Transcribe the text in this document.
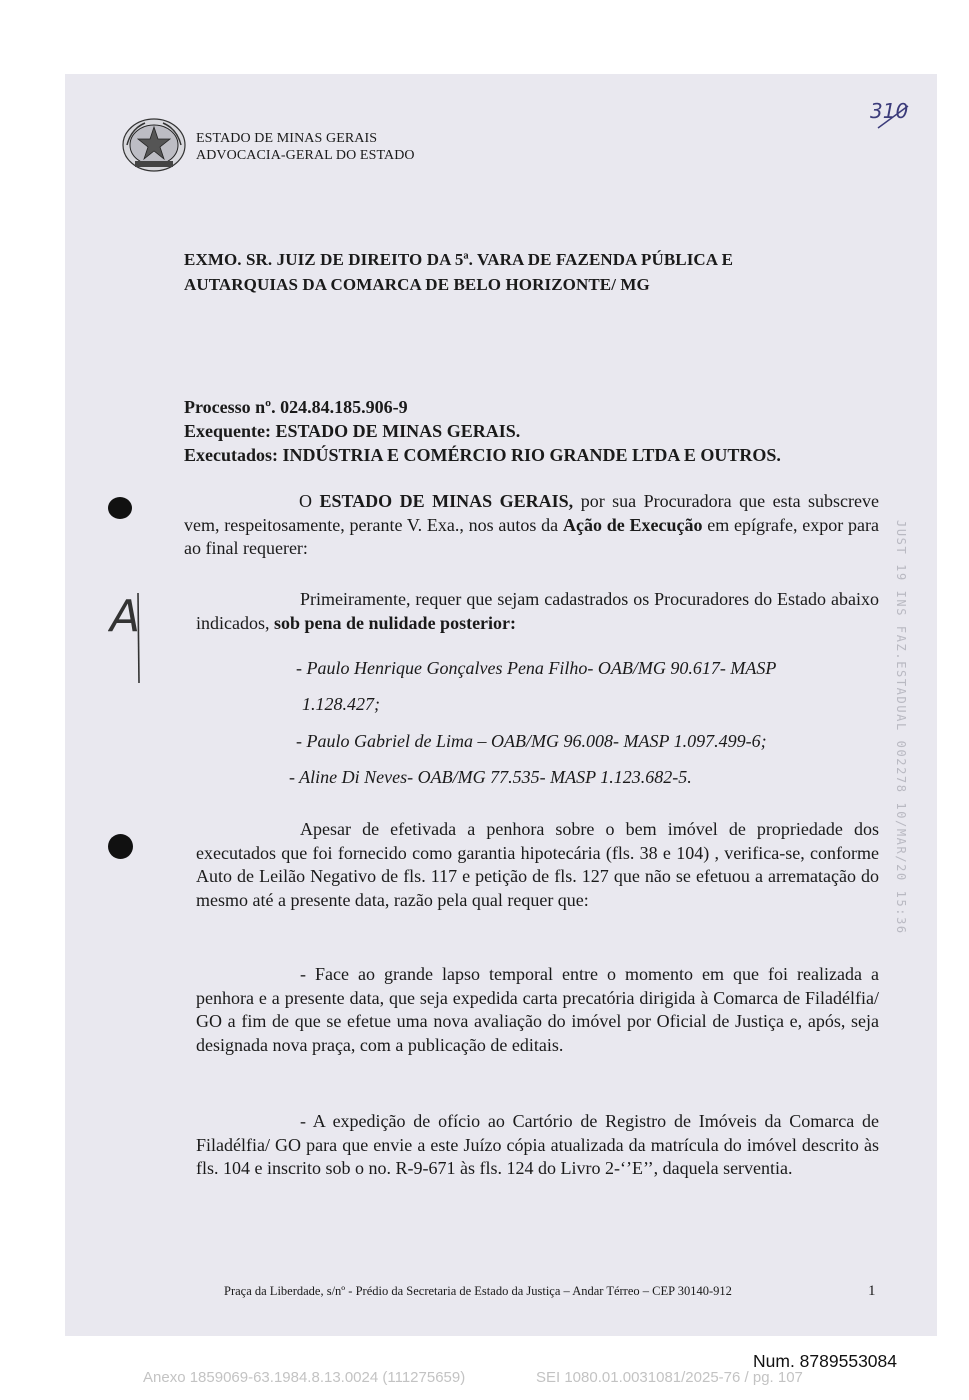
ESTADO DE MINAS GERAIS
ADVOCACIA-GERAL DO ESTADO
310
EXMO. SR. JUIZ DE DIREITO DA 5ª. VARA DE FAZENDA PÚBLICA E
AUTARQUIAS DA COMARCA DE BELO HORIZONTE/ MG
Processo nº. 024.84.185.906-9
Exequente: ESTADO DE MINAS GERAIS.
Executados: INDÚSTRIA E COMÉRCIO RIO GRANDE LTDA E OUTROS.
O ESTADO DE MINAS GERAIS, por sua Procuradora que esta subscreve vem, respeitosamente, perante V. Exa., nos autos da Ação de Execução em epígrafe, expor para ao final requerer:
Primeiramente, requer que sejam cadastrados os Procuradores do Estado abaixo indicados, sob pena de nulidade posterior:
- Paulo Henrique Gonçalves Pena Filho- OAB/MG 90.617- MASP
1.128.427;
- Paulo Gabriel de Lima – OAB/MG 96.008- MASP 1.097.499-6;
- Aline Di Neves- OAB/MG 77.535- MASP 1.123.682-5.
Apesar de efetivada a penhora sobre o bem imóvel de propriedade dos executados que foi fornecido como garantia hipotecária (fls. 38 e 104) , verifica-se, conforme Auto de Leilão Negativo de fls. 117 e petição de fls. 127 que não se efetuou a arrematação do mesmo até a presente data, razão pela qual requer que:
- Face ao grande lapso temporal entre o momento em que foi realizada a penhora e a presente data, que seja expedida carta precatória dirigida à Comarca de Filadélfia/ GO a fim de que se efetue uma nova avaliação do imóvel por Oficial de Justiça e, após, seja designada nova praça, com a publicação de editais.
- A expedição de ofício ao Cartório de Registro de Imóveis da Comarca de Filadélfia/ GO para que envie a este Juízo cópia atualizada da matrícula do imóvel descrito às fls. 104 e inscrito sob o no. R-9-671 às fls. 124 do Livro 2-‘’E’’, daquela serventia.
Praça da Liberdade, s/nº - Prédio da Secretaria de Estado da Justiça – Andar Térreo – CEP 30140-912	1
JUST 19 INS FAZ.ESTADUAL 002278 10/MAR/20 15:36
A
Num. 8789553084
Anexo 1859069-63.1984.8.13.0024 (111275659)	SEI 1080.01.0031081/2025-76 / pg. 107
